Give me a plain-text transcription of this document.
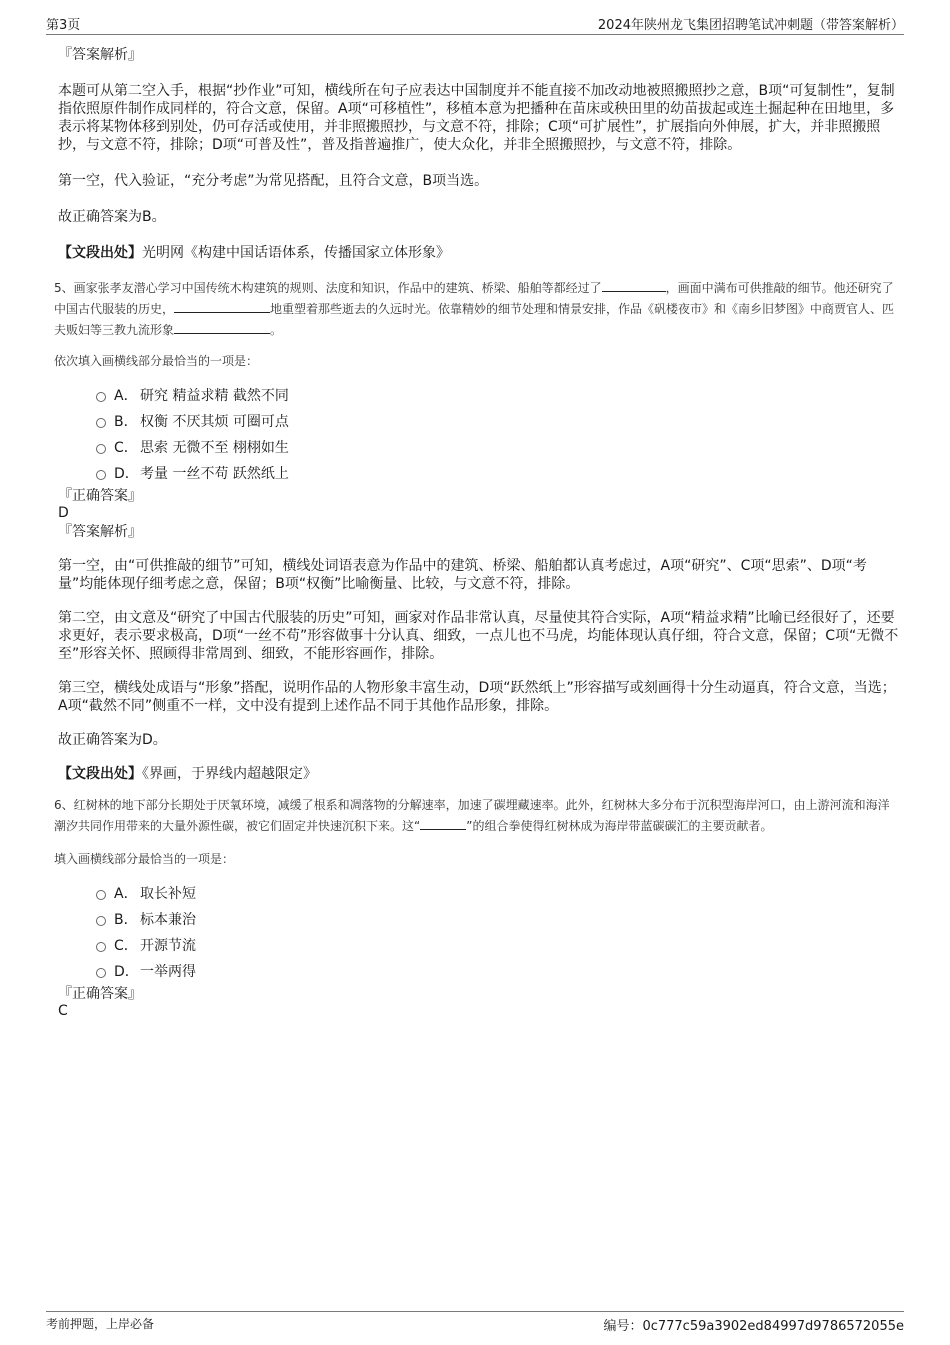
第3页	2024年陕州龙飞集团招聘笔试冲刺题（带答案解析）
『答案解析』

本题可从第二空入手，根据“抄作业”可知，横线所在句子应表达中国制度并不能直接不加改动地被照搬照抄之意，B项“可复制性”，复制指依照原件制作成同样的，符合文意，保留。A项“可移植性”，移植本意为把播种在苗床或秧田里的幼苗拔起或连土掘起种在田地里，多表示将某物体移到别处，仍可存活或使用，并非照搬照抄，与文意不符，排除；C项“可扩展性”，扩展指向外伸展，扩大，并非照搬照抄，与文意不符，排除；D项“可普及性”，普及指普遍推广，使大众化，并非全照搬照抄，与文意不符，排除。

第一空，代入验证，“充分考虑”为常见搭配，且符合文意，B项当选。

故正确答案为B。

【文段出处】光明网《构建中国话语体系，传播国家立体形象》
5、画家张孝友潜心学习中国传统木构建筑的规则、法度和知识，作品中的建筑、桥梁、船舶等都经过了	，画面中满布可供推敲的细节。他还研究了中国古代服装的历史，	地重塑着那些逝去的久远时光。依靠精妙的细节处理和情景安排，作品《矾楼夜市》和《南乡旧梦图》中商贾官人、匹夫贩妇等三教九流形象	。
依次填入画横线部分最恰当的一项是：
A． 研究 精益求精 截然不同
B． 权衡 不厌其烦 可圈可点
C． 思索 无微不至 栩栩如生
D．考量 一丝不苟 跃然纸上
『正确答案』
D
『答案解析』

第一空，由“可供推敲的细节”可知，横线处词语表意为作品中的建筑、桥梁、船舶都认真考虑过，A项“研究”、C项“思索”、D项“考量”均能体现仔细考虑之意，保留；B项“权衡”比喻衡量、比较，与文意不符，排除。

第二空，由文意及“研究了中国古代服装的历史”可知，画家对作品非常认真，尽量使其符合实际，A项“精益求精”比喻已经很好了，还要求更好，表示要求极高，D项“一丝不苟”形容做事十分认真、细致，一点儿也不马虎，均能体现认真仔细，符合文意，保留；C项“无微不至”形容关怀、照顾得非常周到、细致，不能形容画作，排除。

第三空，横线处成语与“形象”搭配，说明作品的人物形象丰富生动，D项“跃然纸上”形容描写或刻画得十分生动逼真，符合文意，当选；A项“截然不同”侧重不一样，文中没有提到上述作品不同于其他作品形象，排除。

故正确答案为D。

【文段出处】《界画，于界线内超越限定》
6、红树林的地下部分长期处于厌氧环境，减缓了根系和凋落物的分解速率，加速了碳埋藏速率。此外，红树林大多分布于沉积型海岸河口，由上游河流和海洋潮汐共同作用带来的大量外源性碳，被它们固定并快速沉积下来。这“	”的组合拳使得红树林成为海岸带蓝碳碳汇的主要贡献者。
填入画横线部分最恰当的一项是：
A． 取长补短
B． 标本兼治
C． 开源节流
D．一举两得
『正确答案』
C
考前押题，上岸必备	编号：0c777c59a3902ed84997d9786572055e
